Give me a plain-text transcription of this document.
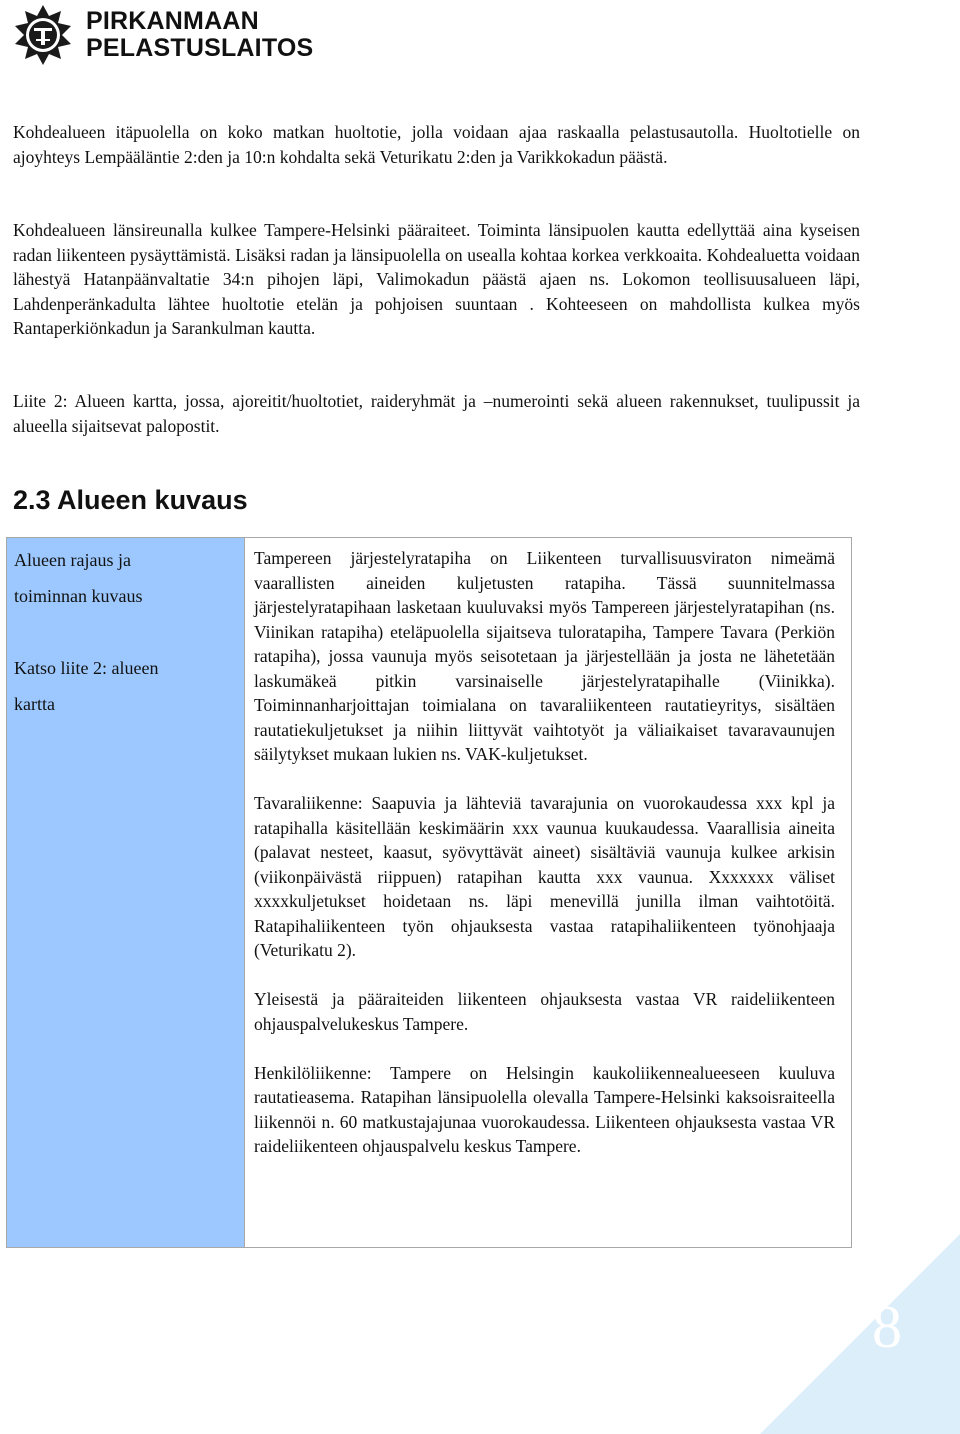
PIRKANMAAN
PELASTUSLAITOS
Kohdealueen itäpuolella on koko matkan huoltotie, jolla voidaan ajaa raskaalla pelastusautolla. Huoltotielle on ajoyhteys Lempääläntie 2:den ja 10:n kohdalta sekä Veturikatu 2:den ja Varikkokadun päästä.
Kohdealueen länsireunalla kulkee Tampere-Helsinki pääraiteet. Toiminta länsipuolen kautta edellyttää aina kyseisen radan liikenteen pysäyttämistä. Lisäksi radan ja länsipuolella on usealla kohtaa korkea verkkoaita. Kohdealuetta voidaan lähestyä Hatanpäänvaltatie 34:n pihojen läpi, Valimokadun päästä ajaen ns. Lokomon teollisuusalueen läpi, Lahdenperänkadulta lähtee huoltotie etelän ja pohjoisen suuntaan . Kohteeseen on mahdollista kulkea myös Rantaperkiönkadun ja Sarankulman kautta.
Liite 2: Alueen kartta, jossa, ajoreitit/huoltotiet, raideryhmät ja –numerointi sekä alueen rakennukset, tuulipussit ja alueella sijaitsevat palopostit.
2.3 Alueen kuvaus
Alueen rajaus ja
toiminnan kuvaus
Katso liite 2: alueen
kartta

Tampereen järjestelyratapiha on Liikenteen turvallisuusviraton nimeämä vaarallisten aineiden kuljetusten ratapiha. Tässä suunnitelmassa järjestelyratapihaan lasketaan kuuluvaksi myös Tampereen järjestelyratapihan (ns. Viinikan ratapiha) eteläpuolella sijaitseva tuloratapiha, Tampere Tavara (Perkiön ratapiha), jossa vaunuja myös seisotetaan ja järjestellään ja josta ne lähetetään laskumäkeä pitkin varsinaiselle järjestelyratapihalle (Viinikka). Toiminnanharjoittajan toimialana on tavaraliikenteen rautatieyritys, sisältäen rautatiekuljetukset ja niihin liittyvät vaihtotyöt ja väliaikaiset tavaravaunujen säilytykset mukaan lukien ns. VAK-kuljetukset.

Tavaraliikenne: Saapuvia ja lähteviä tavarajunia on vuorokaudessa xxx kpl ja ratapihalla käsitellään keskimäärin xxx vaunua kuukaudessa. Vaarallisia aineita (palavat nesteet, kaasut, syövyttävät aineet) sisältäviä vaunuja kulkee arkisin (viikonpäivästä riippuen) ratapihan kautta xxx vaunua. Xxxxxxx väliset xxxxkuljetukset hoidetaan ns. läpi menevillä junilla ilman vaihtotöitä. Ratapihaliikenteen työn ohjauksesta vastaa ratapihaliikenteen työnohjaaja (Veturikatu 2).

Yleisestä ja pääraiteiden liikenteen ohjauksesta vastaa VR raideliikenteen ohjauspalvelukeskus Tampere.

Henkilöliikenne: Tampere on Helsingin kaukoliikennealueeseen kuuluva rautatieasema. Ratapihan länsipuolella olevalla Tampere-Helsinki kaksoisraiteella liikennöi n. 60 matkustajajunaa vuorokaudessa. Liikenteen ohjauksesta vastaa VR raideliikenteen ohjauspalvelu keskus Tampere.

8
